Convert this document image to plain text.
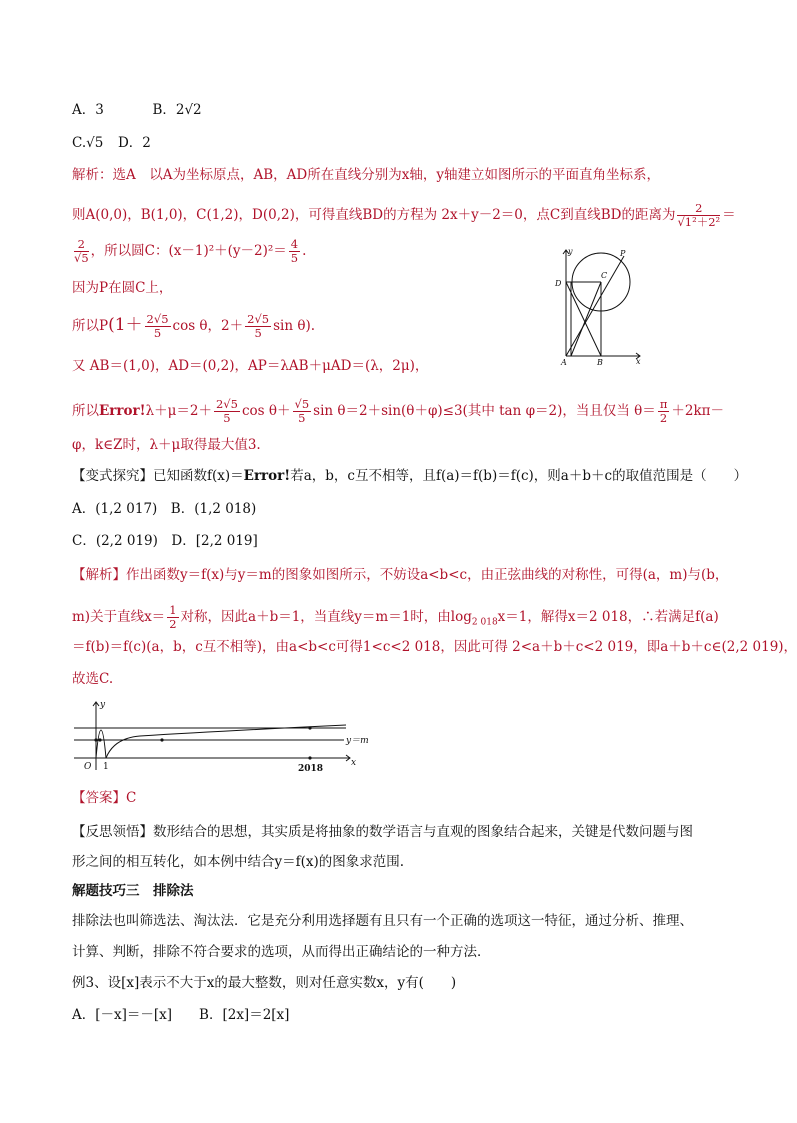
A．3	B．2√2
C.√5 D．2
解析：选A　以A为坐标原点，AB，AD所在直线分别为x轴，y轴建立如图所示的平面直角坐标系，
则A(0,0)，B(1,0)，C(1,2)，D(0,2)，可得直线BD的方程为 2x＋y－2＝0，点C到直线BD的距离为 $\frac{2}{\text{√1²＋2²}}$ ＝
$\frac{2}{√5}$ ，所以圆C：$(x-1)^2+(y-2)^2= \frac{4}{5}$ .
因为P在圆C上，
所以$P(1+ \frac{2√5}{5}$ cos θ，$2+ \frac{2√5}{5}$ sin θ).
又 AB＝(1,0)，AD＝(0,2)，AP＝λAB＋μAD＝(λ，2μ)，
所以Error!λ＋μ＝2＋ $\frac{2√5}{5}$ $\cos \theta+ \frac{√5}{5}$ sin θ＝2＋sin(θ＋φ)≤3(其中 tan φ＝2)，当且仅当 $\theta= \frac{\pi}{2} +2k\pi-$
φ，k∈Z时，λ＋μ取得最大值3.
y	P
C
D
A	B	x
【变式探究】已知函数f(x)＝Error!若a，b，c互不相等，且f(a)＝f(b)＝f(c)，则a＋b＋c的取值范围是（　　）
A．(1,2 017)　B．(1,2 018)
C．(2,2 019)　D．[2,2 019]
【解析】作出函数y＝f(x)与y＝m的图象如图所示，不妨设a<b<c，由正弦曲线的对称性，可得(a，m)与(b，
m)关于直线$x= \frac{1}{2}$ 对称，因此a＋b＝1，当直线y＝m＝1时，由$\log_{2 018}x=1$，解得x＝2 018，∴若满足f(a)
＝f(b)＝f(c)(a，b，c互不相等)，由a<b<c可得1<c<2 018，因此可得 2<a＋b＋c<2 019，即a＋b＋c∈(2,2 019)，
故选C.
y
x
O 1	2018
y＝m
【答案】C
【反思领悟】数形结合的思想，其实质是将抽象的数学语言与直观的图象结合起来，关键是代数问题与图
形之间的相互转化，如本例中结合y＝f(x)的图象求范围.
解题技巧三　排除法
排除法也叫筛选法、淘汰法．它是充分利用选择题有且只有一个正确的选项这一特征，通过分析、推理、
计算、判断，排除不符合要求的选项，从而得出正确结论的一种方法．
例3、设[x]表示不大于x的最大整数，则对任意实数x，y有(　　)
A．[－x]＝－[x]　　B．[2x]＝2[x]
